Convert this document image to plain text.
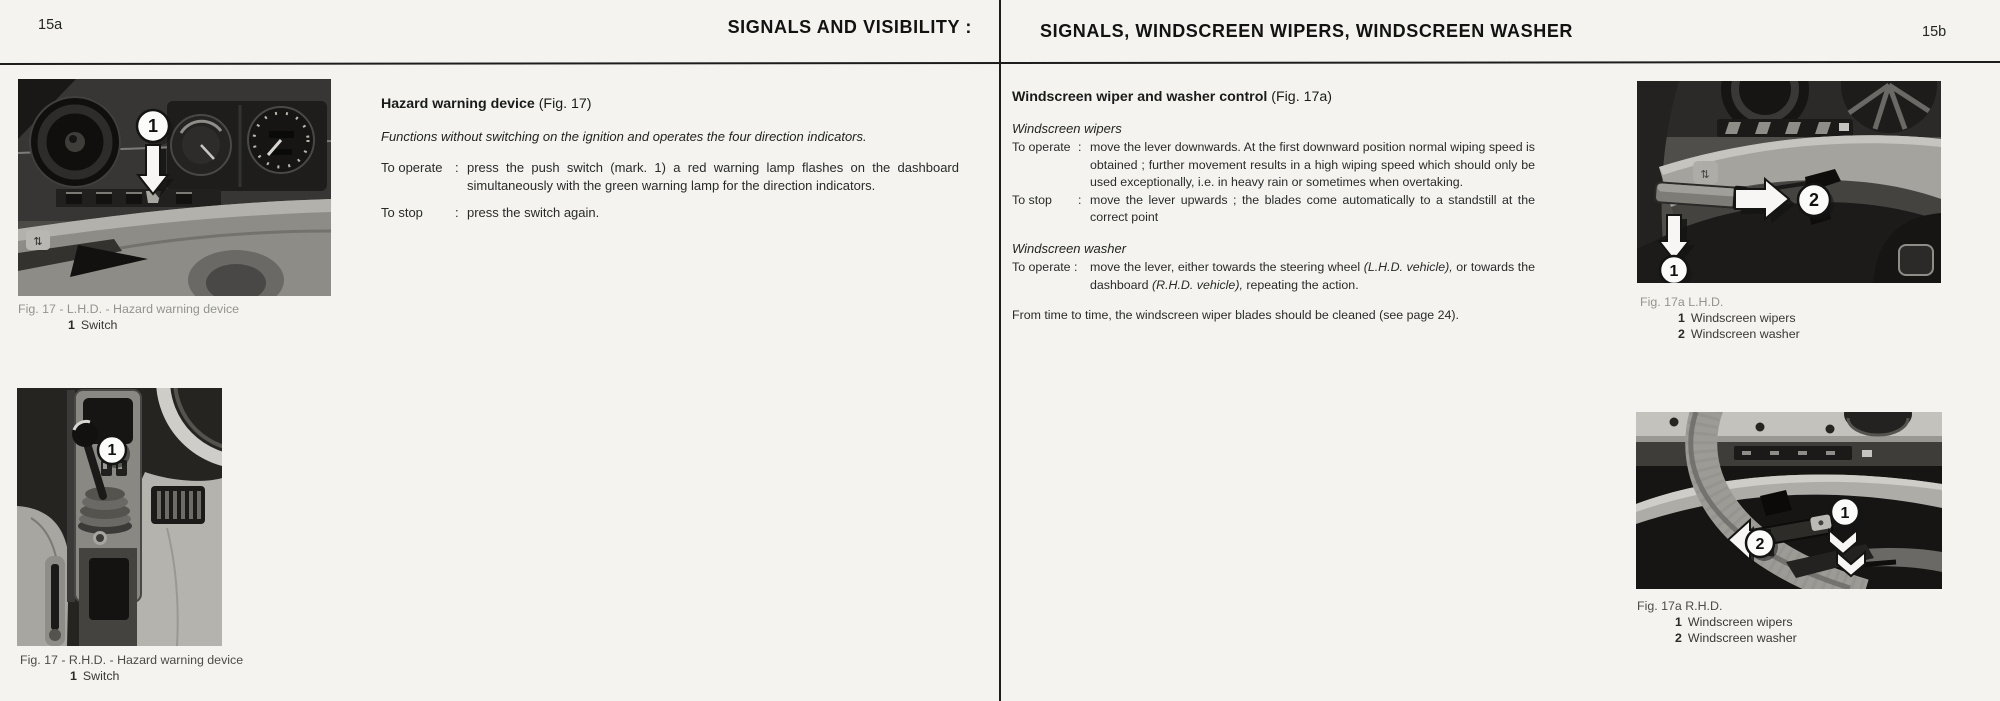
15a	SIGNALS AND VISIBILITY :	SIGNALS, WINDSCREEN WIPERS, WINDSCREEN WASHER	15b
Hazard warning device (Fig. 17)
Functions without switching on the ignition and operates the four direction indicators.
To operate : press the push switch (mark. 1) a red warning lamp flashes on the dashboard simultaneously with the green warning lamp for the direction indicators.
To stop	: press the switch again.
Windscreen wiper and washer control (Fig. 17a)
Windscreen wipers
To operate : move the lever downwards. At the first downward position normal wiping speed is obtained ; further movement results in a high wiping speed which should only be used exceptionally, i.e. in heavy rain or sometimes when overtaking.
To stop	: move the lever upwards ; the blades come automatically to a standstill at the correct point
Windscreen washer
To operate : move the lever, either towards the steering wheel (L.H.D. vehicle), or towards the dashboard (R.H.D. vehicle), repeating the action.
From time to time, the windscreen wiper blades should be cleaned (see page 24).
⇅
1
Fig. 17 - L.H.D. - Hazard warning device
1 Switch
1
Fig. 17 - R.H.D. - Hazard warning device
1 Switch
⇅
2
1
Fig. 17a L.H.D.
1 Windscreen wipers
2 Windscreen washer
1
2
Fig. 17a R.H.D.
1 Windscreen wipers
2 Windscreen washer
